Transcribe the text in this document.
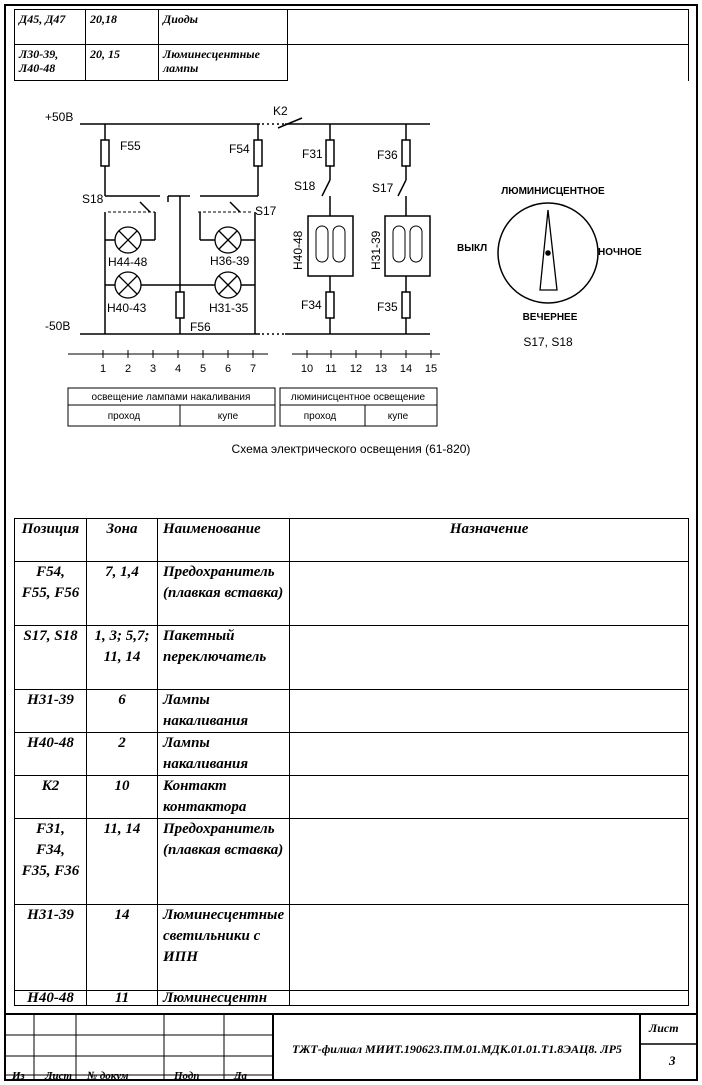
Д45, Д47	20,18	Диоды	
Л30-39, Л40-48	20, 15	Люминесцентные лампы	
+50В
-50В
K2
F55	F54	F31	F36
F34	F35
F56
S18
S17
S18	S17
H44-48	H36-39
H40-43	H31-35
H40-48	H31-39
1 2 3 4 5 6 7	10 11 12 13 14 15
освещение лампами накаливания
проход	купе
люминисцентное освещение
проход	купе
ЛЮМИНИСЦЕНТНОЕ
ВЫКЛ	НОЧНОЕ
ВЕЧЕРНЕЕ
S17, S18
Схема электрического освещения (61-820)
Позиция	Зона	Наименование	Назначение
F54, F55, F56	7, 1,4	Предохранитель (плавкая вставка)	
S17, S18	1, 3; 5,7; 11, 14	Пакетный переключатель	
H31-39	6	Лампы накаливания	
H40-48	2	Лампы накаливания	
K2	10	Контакт контактора	
F31, F34, F35, F36	11, 14	Предохранитель (плавкая вставка)	
H31-39	14	Люминесцентные светильники с ИПН	
H40-48	11	Люминесцентн	
Из Лист № докум	Подп	Да
Лист
3
ТЖТ-филиал МИИТ.190623.ПМ.01.МДК.01.01.Т1.8ЭАЦ8. ЛР5
